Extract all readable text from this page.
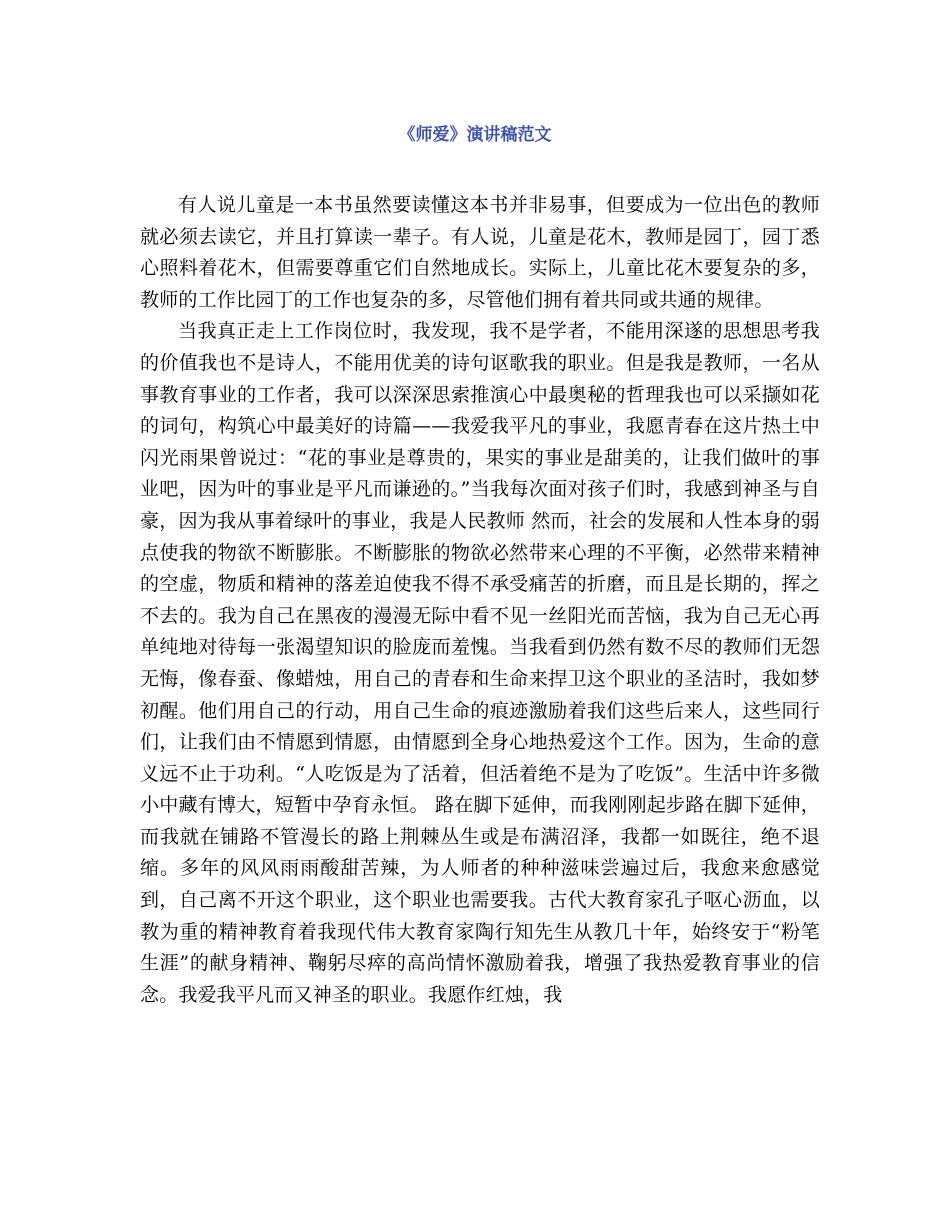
《师爱》演讲稿范文

有人说儿童是一本书虽然要读懂这本书并非易事，但要成为一位出色的教师就必须去读它，并且打算读一辈子。有人说，儿童是花木，教师是园丁，园丁悉心照料着花木，但需要尊重它们自然地成长。实际上，儿童比花木要复杂的多，教师的工作比园丁的工作也复杂的多，尽管他们拥有着共同或共通的规律。

当我真正走上工作岗位时，我发现，我不是学者，不能用深遂的思想思考我的价值我也不是诗人，不能用优美的诗句讴歌我的职业。但是我是教师，一名从事教育事业的工作者，我可以深深思索推演心中最奥秘的哲理我也可以采撷如花的词句，构筑心中最美好的诗篇——我爱我平凡的事业，我愿青春在这片热土中闪光雨果曾说过：“花的事业是尊贵的，果实的事业是甜美的，让我们做叶的事业吧，因为叶的事业是平凡而谦逊的。”当我每次面对孩子们时，我感到神圣与自豪，因为我从事着绿叶的事业，我是人民教师 然而，社会的发展和人性本身的弱点使我的物欲不断膨胀。不断膨胀的物欲必然带来心理的不平衡，必然带来精神的空虚，物质和精神的落差迫使我不得不承受痛苦的折磨，而且是长期的，挥之不去的。我为自己在黑夜的漫漫无际中看不见一丝阳光而苦恼，我为自己无心再单纯地对待每一张渴望知识的脸庞而羞愧。当我看到仍然有数不尽的教师们无怨无悔，像春蚕、像蜡烛，用自己的青春和生命来捍卫这个职业的圣洁时，我如梦初醒。他们用自己的行动，用自己生命的痕迹激励着我们这些后来人，这些同行们，让我们由不情愿到情愿，由情愿到全身心地热爱这个工作。因为，生命的意义远不止于功利。“人吃饭是为了活着，但活着绝不是为了吃饭”。生活中许多微小中藏有博大，短暂中孕育永恒。 路在脚下延伸，而我刚刚起步路在脚下延伸，而我就在铺路不管漫长的路上荆棘丛生或是布满沼泽，我都一如既往，绝不退缩。多年的风风雨雨酸甜苦辣，为人师者的种种滋味尝遍过后，我愈来愈感觉到，自己离不开这个职业，这个职业也需要我。古代大教育家孔子呕心沥血，以教为重的精神教育着我现代伟大教育家陶行知先生从教几十年，始终安于“粉笔生涯”的献身精神、鞠躬尽瘁的高尚情怀激励着我，增强了我热爱教育事业的信念。我爱我平凡而又神圣的职业。我愿作红烛，我
